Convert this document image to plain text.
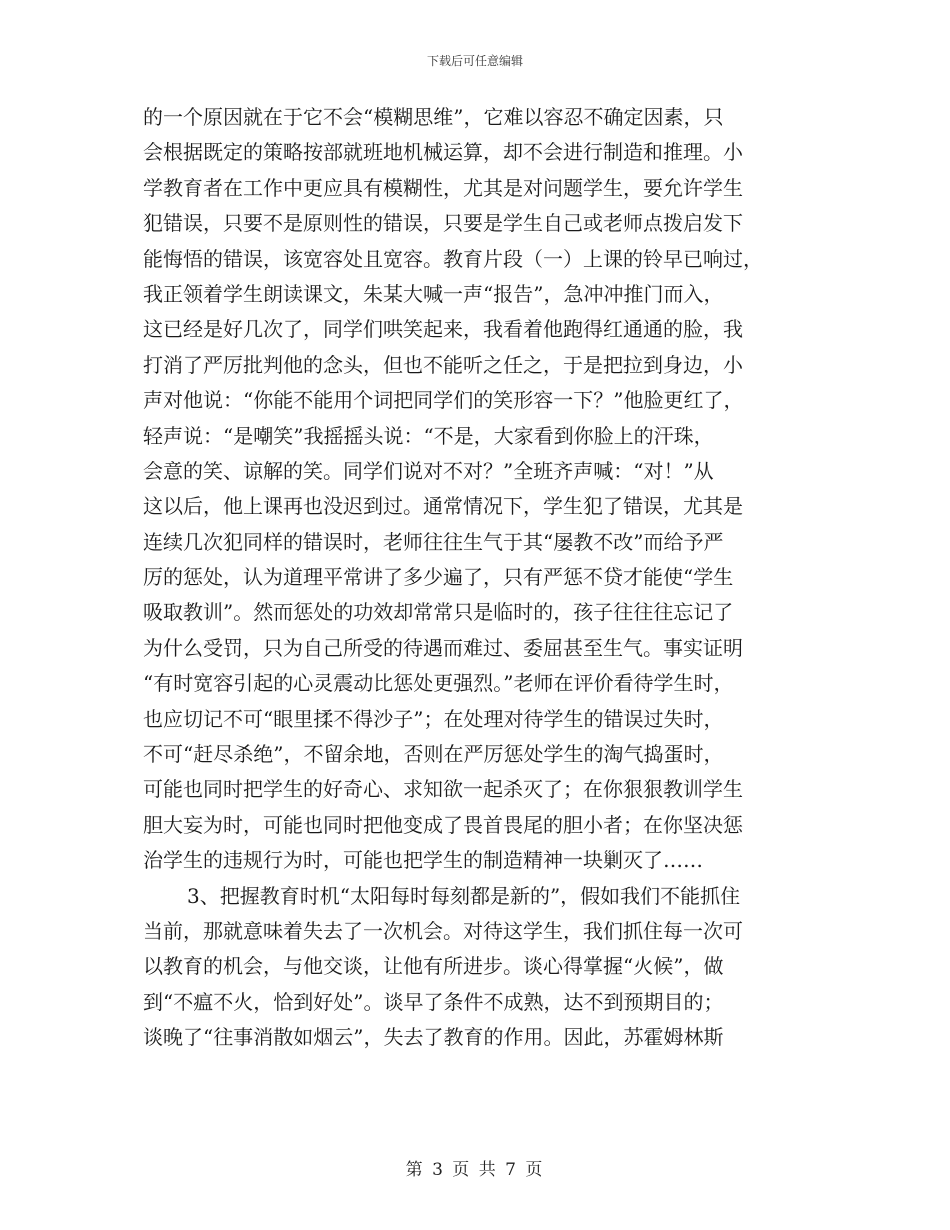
下载后可任意编辑
的一个原因就在于它不会“模糊思维”，它难以容忍不确定因素，只
会根据既定的策略按部就班地机械运算，却不会进行制造和推理。小
学教育者在工作中更应具有模糊性，尤其是对问题学生，要允许学生
犯错误，只要不是原则性的错误，只要是学生自己或老师点拨启发下
能悔悟的错误，该宽容处且宽容。教育片段（一）上课的铃早已响过，
我正领着学生朗读课文，朱某大喊一声“报告”，急冲冲推门而入，
这已经是好几次了，同学们哄笑起来，我看着他跑得红通通的脸，我
打消了严厉批判他的念头，但也不能听之任之，于是把拉到身边，小
声对他说：“你能不能用个词把同学们的笑形容一下？”他脸更红了，
轻声说：“是嘲笑”我摇摇头说：“不是，大家看到你脸上的汗珠，
会意的笑、谅解的笑。同学们说对不对？”全班齐声喊：“对！”从
这以后，他上课再也没迟到过。通常情况下，学生犯了错误，尤其是
连续几次犯同样的错误时，老师往往生气于其“屡教不改”而给予严
厉的惩处，认为道理平常讲了多少遍了，只有严惩不贷才能使“学生
吸取教训”。然而惩处的功效却常常只是临时的，孩子往往往忘记了
为什么受罚，只为自己所受的待遇而难过、委屈甚至生气。事实证明
“有时宽容引起的心灵震动比惩处更强烈。”老师在评价看待学生时，
也应切记不可“眼里揉不得沙子”；在处理对待学生的错误过失时，
不可“赶尽杀绝”，不留余地，否则在严厉惩处学生的淘气捣蛋时，
可能也同时把学生的好奇心、求知欲一起杀灭了；在你狠狠教训学生
胆大妄为时，可能也同时把他变成了畏首畏尾的胆小者；在你坚决惩
治学生的违规行为时，可能也把学生的制造精神一块剿灭了……
3、把握教育时机“太阳每时每刻都是新的”，假如我们不能抓住
当前，那就意味着失去了一次机会。对待这学生，我们抓住每一次可
以教育的机会，与他交谈，让他有所进步。谈心得掌握“火候”，做
到“不瘟不火，恰到好处”。谈早了条件不成熟，达不到预期目的；
谈晚了“往事消散如烟云”，失去了教育的作用。因此，苏霍姆林斯
第 3 页 共 7 页
